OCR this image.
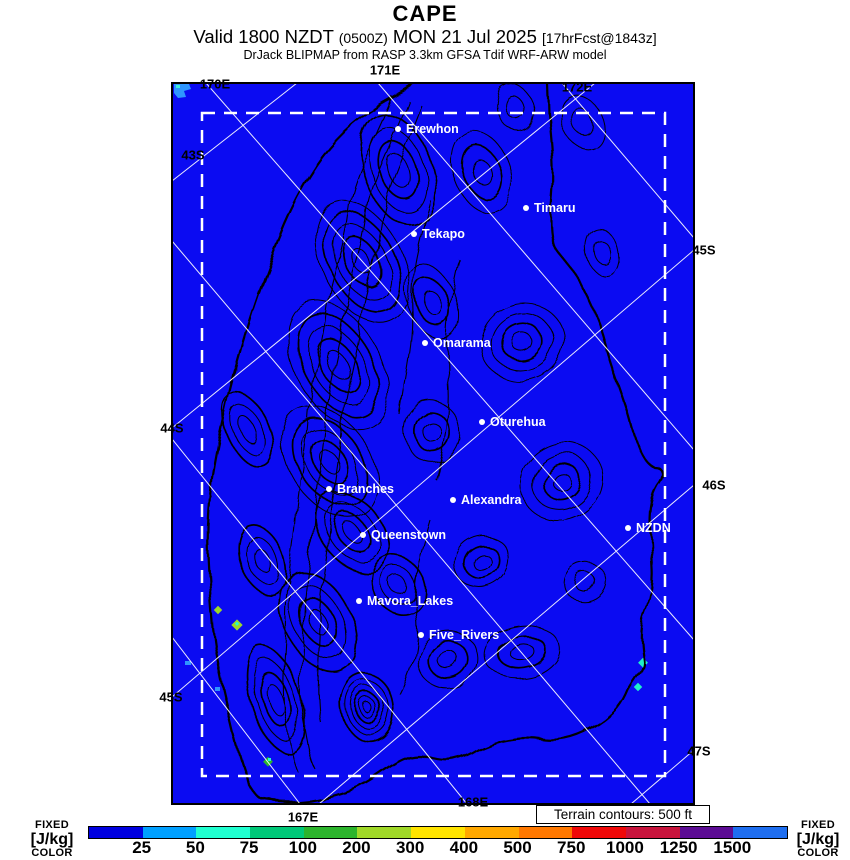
CAPE
Valid 1800 NZDT (0500Z) MON 21 Jul 2025 [17hrFcst@1843z]
DrJack BLIPMAP from RASP 3.3km GFSA Tdif WRF-ARW model
171E
170E	172E
43S
44S
45S
45S
46S
47S
167E
168E
Erewhon
Timaru
Tekapo
Omarama
Oturehua
Branches
Alexandra
Queenstown	NZDN
Mavora_Lakes
Five_Rivers
Terrain contours: 500 ft
FIXED
[J/kg]
COLOR	25 50 75 100 200 300 400 500 750 1000 1250 1500
FIXED
[J/kg]
COLOR
